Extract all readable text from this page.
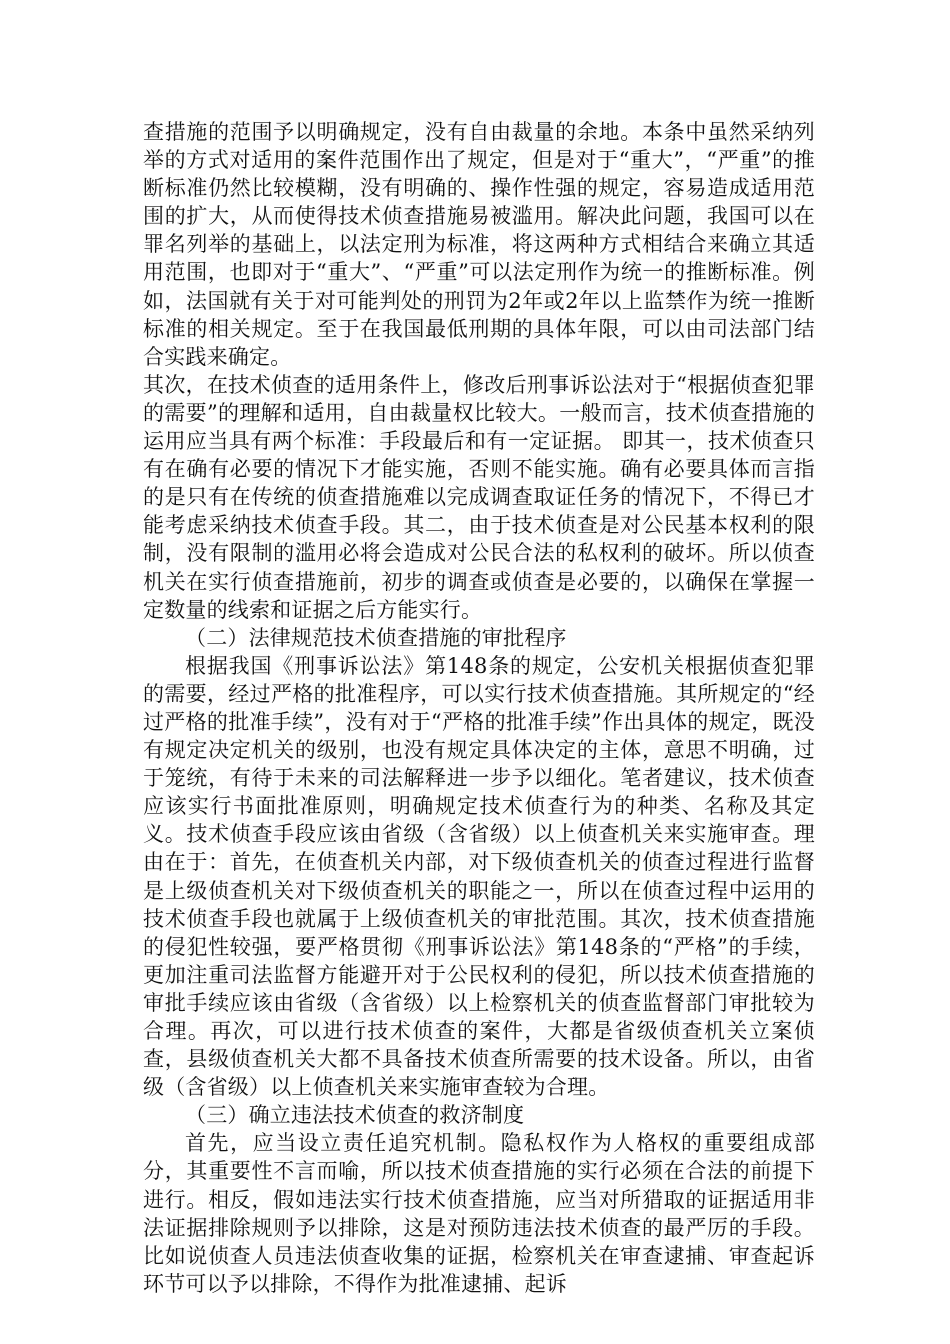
查措施的范围予以明确规定，没有自由裁量的余地。本条中虽然采纳列举的方式对适用的案件范围作出了规定，但是对于“重大”，“严重”的推断标准仍然比较模糊，没有明确的、操作性强的规定，容易造成适用范围的扩大，从而使得技术侦查措施易被滥用。解决此问题，我国可以在罪名列举的基础上，以法定刑为标准，将这两种方式相结合来确立其适用范围，也即对于“重大”、“严重”可以法定刑作为统一的推断标准。例如，法国就有关于对可能判处的刑罚为2年或2年以上监禁作为统一推断标准的相关规定。至于在我国最低刑期的具体年限，可以由司法部门结合实践来确定。

其次，在技术侦查的适用条件上，修改后刑事诉讼法对于“根据侦查犯罪的需要”的理解和适用，自由裁量权比较大。一般而言，技术侦查措施的运用应当具有两个标准：手段最后和有一定证据。 即其一，技术侦查只有在确有必要的情况下才能实施，否则不能实施。确有必要具体而言指的是只有在传统的侦查措施难以完成调查取证任务的情况下，不得已才能考虑采纳技术侦查手段。其二，由于技术侦查是对公民基本权利的限制，没有限制的滥用必将会造成对公民合法的私权利的破坏。所以侦查机关在实行侦查措施前，初步的调查或侦查是必要的，以确保在掌握一定数量的线索和证据之后方能实行。

（二）法律规范技术侦查措施的审批程序

根据我国《刑事诉讼法》第148条的规定，公安机关根据侦查犯罪的需要，经过严格的批准程序，可以实行技术侦查措施。其所规定的“经过严格的批准手续”，没有对于“严格的批准手续”作出具体的规定，既没有规定决定机关的级别，也没有规定具体决定的主体，意思不明确，过于笼统，有待于未来的司法解释进一步予以细化。笔者建议，技术侦查应该实行书面批准原则，明确规定技术侦查行为的种类、名称及其定义。技术侦查手段应该由省级（含省级）以上侦查机关来实施审查。理由在于：首先，在侦查机关内部，对下级侦查机关的侦查过程进行监督是上级侦查机关对下级侦查机关的职能之一，所以在侦查过程中运用的技术侦查手段也就属于上级侦查机关的审批范围。其次，技术侦查措施的侵犯性较强，要严格贯彻《刑事诉讼法》第148条的“严格”的手续，更加注重司法监督方能避开对于公民权利的侵犯，所以技术侦查措施的审批手续应该由省级（含省级）以上检察机关的侦查监督部门审批较为合理。再次，可以进行技术侦查的案件，大都是省级侦查机关立案侦查，县级侦查机关大都不具备技术侦查所需要的技术设备。所以，由省级（含省级）以上侦查机关来实施审查较为合理。

（三）确立违法技术侦查的救济制度

首先，应当设立责任追究机制。隐私权作为人格权的重要组成部分，其重要性不言而喻，所以技术侦查措施的实行必须在合法的前提下进行。相反，假如违法实行技术侦查措施，应当对所猎取的证据适用非法证据排除规则予以排除，这是对预防违法技术侦查的最严厉的手段。比如说侦查人员违法侦查收集的证据，检察机关在审查逮捕、审查起诉环节可以予以排除，不得作为批准逮捕、起诉
